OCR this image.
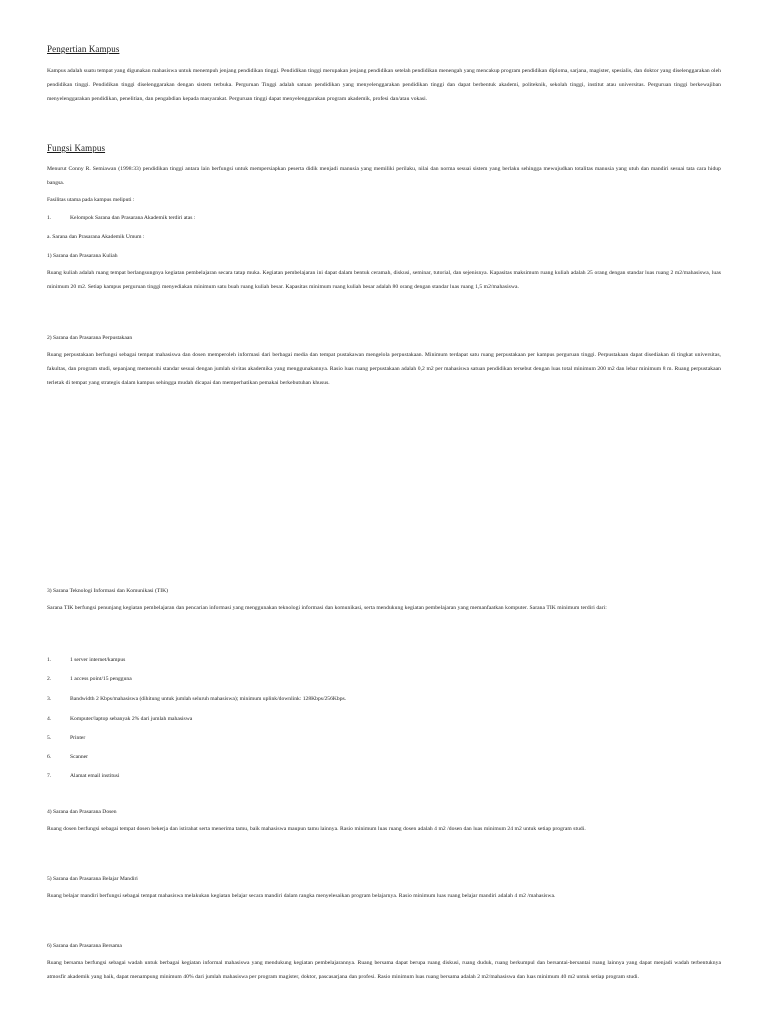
Pengertian Kampus

Kampus adalah suatu tempat yang digunakan mahasiswa untuk menempuh jenjang pendidikan tinggi. Pendidikan tinggi merupakan jenjang pendidikan setelah pendidikan menengah yang mencakup program pendidikan diploma, sarjana, magister, spesialis, dan doktor yang diselenggarakan oleh pendidikan tinggi. Pendidikan tinggi diselenggarakan dengan sistem terbuka. Perguruan Tinggi adalah satuan pendidikan yang menyelenggarakan pendidikan tinggi dan dapat berbentuk akademi, politeknik, sekolah tinggi, institut atau universitas. Perguruan tinggi berkewajiban menyelenggarakan pendidikan, penelitian, dan pengabdian kepada masyarakat. Perguruan tinggi dapat menyelenggarakan program akademik, profesi dan/atau vokasi.

Fungsi Kampus

Menurut Conny R. Semiawan (1998:33) pendidikan tinggi antara lain berfungsi untuk mempersiapkan peserta didik menjadi manusia yang memiliki perilaku, nilai dan norma sesuai sistem yang berlaku sehingga mewujudkan totalitas manusia yang utuh dan mandiri sesuai tata cara hidup bangsa.

Fasilitas utama pada kampus meliputi :

1.	Kelompok Sarana dan Prasarana Akademik terdiri atas :

a. Sarana dan Prasarana Akademik Umum :

1) Sarana dan Prasarana Kuliah

Ruang kuliah adalah ruang tempat berlangsungnya kegiatan pembelajaran secara tatap muka. Kegiatan pembelajaran ini dapat dalam bentuk ceramah, diskusi, seminar, tutorial, dan sejenisnya. Kapasitas maksimum ruang kuliah adalah 25 orang dengan standar luas ruang 2 m2/mahasiswa, luas minimum 20 m2. Setiap kampus perguruan tinggi menyediakan minimum satu buah ruang kuliah besar. Kapasitas minimum ruang kuliah besar adalah 80 orang dengan standar luas ruang 1,5 m2/mahasiswa.

2) Sarana dan Prasarana Perpustakaan

Ruang perpustakaan berfungsi sebagai tempat mahasiswa dan dosen memperoleh informasi dari berbagai media dan tempat pustakawan mengelola perpustakaan. Minimum terdapat satu ruang perpustakaan per kampus perguruan tinggi. Perpustakaan dapat disediakan di tingkat universitas, fakultas, dan program studi, sepanjang memenuhi standar sesuai dengan jumlah sivitas akademika yang menggunakannya. Rasio luas ruang perpustakaan adalah 0,2 m2 per mahasiswa satuan pendidikan tersebut dengan luas total minimum 200 m2 dan lebar minimum 8 m. Ruang perpustakaan terletak di tempat yang strategis dalam kampus sehingga mudah dicapai dan memperhatikan pemakai berkebutuhan khusus.

3) Sarana Teknologi Informasi dan Komunikasi (TIK)

Sarana TIK berfungsi penunjang kegiatan pembelajaran dan pencarian informasi yang menggunakan teknologi informasi dan komunikasi, serta mendukung kegiatan pembelajaran yang memanfaatkan komputer. Sarana TIK minimum terdiri dari:

1.	1 server internet/kampus
2.	1 access point/15 pengguna
3.	Bandwidth 2 Kbps/mahasiswa (dihitung untuk jumlah seluruh mahasiswa); minimum uplink/downlink: 128Kbps/256Kbps.
4.	Komputer/laptop sebanyak 2% dari jumlah mahasiswa
5.	Printer
6.	Scanner
7.	Alamat email institusi

4) Sarana dan Prasarana Dosen

Ruang dosen berfungsi sebagai tempat dosen bekerja dan istirahat serta menerima tamu, baik mahasiswa maupun tamu lainnya. Rasio minimum luas ruang dosen adalah 4 m2 /dosen dan luas minimum 24 m2 untuk setiap program studi.

5) Sarana dan Prasarana Belajar Mandiri

Ruang belajar mandiri berfungsi sebagai tempat mahasiswa melakukan kegiatan belajar secara mandiri dalam rangka menyelesaikan program belajarnya. Rasio minimum luas ruang belajar mandiri adalah 4 m2 /mahasiswa.

6) Sarana dan Prasarana Bersama

Ruang bersama berfungsi sebagai wadah untuk berbagai kegiatan informal mahasiswa yang mendukung kegiatan pembelajarannya. Ruang bersama dapat berupa ruang diskusi, ruang duduk, ruang berkumpul dan bersantai-bersantai ruang lainnya yang dapat menjadi wadah terbentuknya atmosfir akademik yang baik, dapat menampung minimum 40% dari jumlah mahasiswa per program magister, doktor, pascasarjana dan profesi. Rasio minimum luas ruang bersama adalah 2 m2/mahasiswa dan luas minimum 40 m2 untuk setiap program studi.
